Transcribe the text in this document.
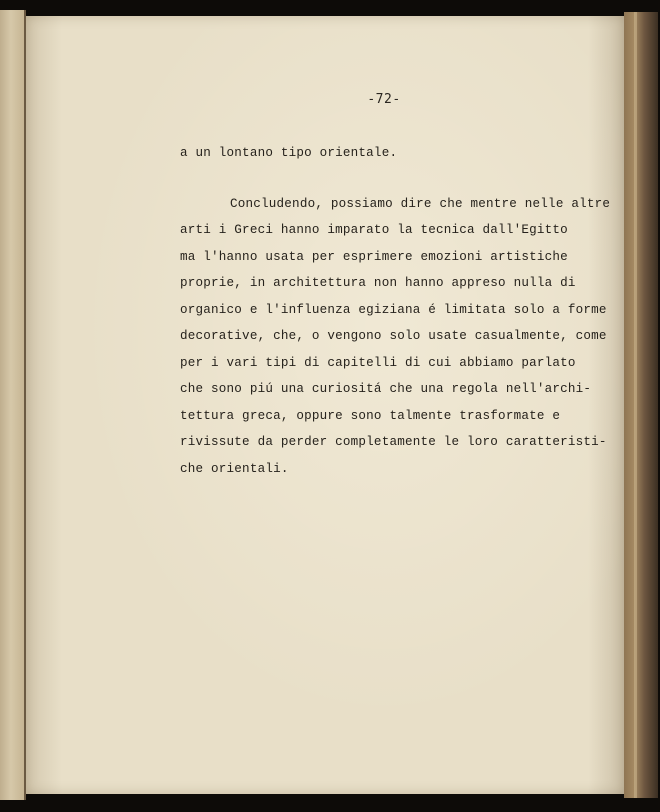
-72-
a un lontano tipo orientale.
Concludendo, possiamo dire che mentre nelle altre
arti i Greci hanno imparato la tecnica dall'Egitto
ma l'hanno usata per esprimere emozioni artistiche
proprie, in architettura non hanno appreso nulla di
organico e l'influenza egiziana é limitata solo a forme
decorative, che, o vengono solo usate casualmente, come
per i vari tipi di capitelli di cui abbiamo parlato
che sono piú una curiositá che una regola nell'archi-
tettura greca, oppure sono talmente trasformate e
rivissute da perder completamente le loro caratteristi-
che orientali.
